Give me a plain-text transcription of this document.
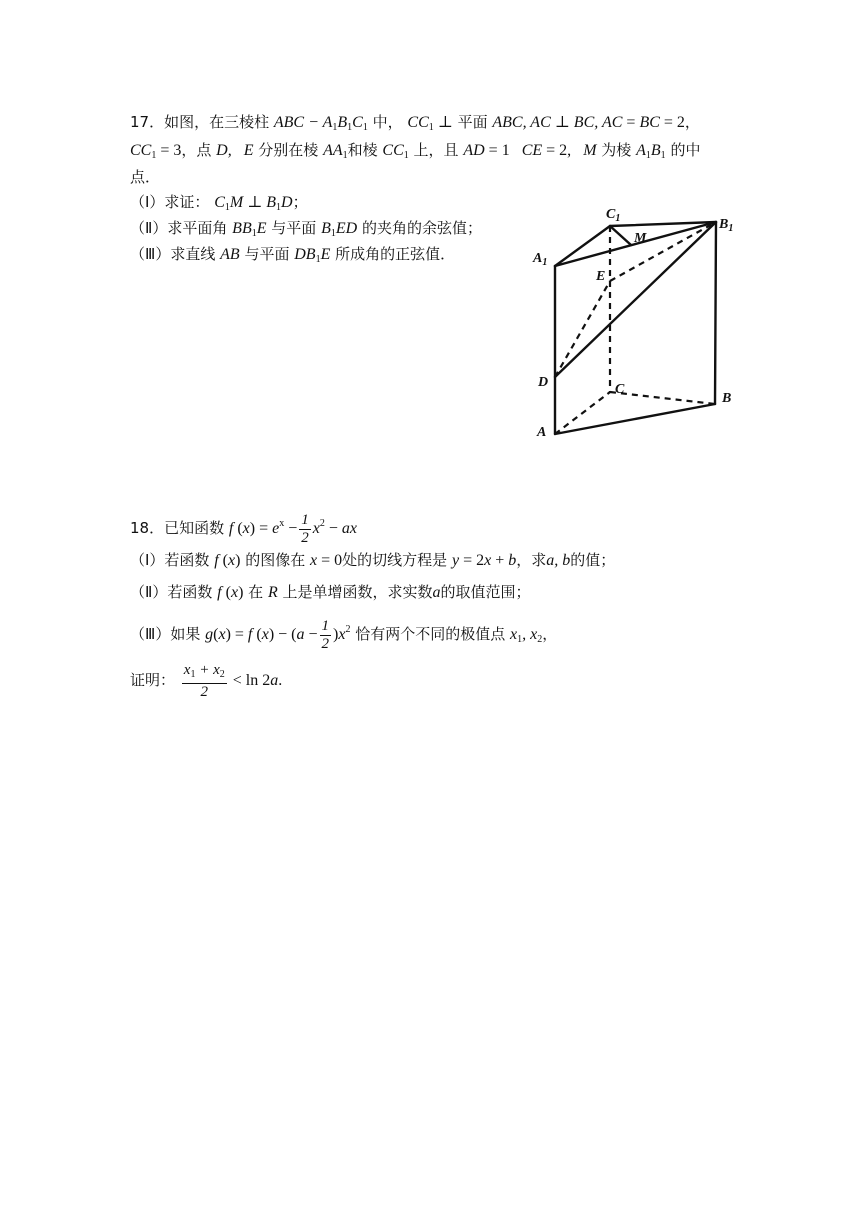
17．如图，在三棱柱 ABC − $A_1B_1C_1$ 中， $CC_1$ ⊥ 平面 ABC, AC ⊥ BC, AC = BC = 2，
$CC_1 = 3$，点 D,   E 分别在棱 $AA_1$和棱 $CC_1$ 上，且 AD = 1   CE = 2,   M 为棱 $A_1B_1$ 的中
点．
（Ⅰ）求证： $C_1M$ ⊥ $B_1D$；
（Ⅱ）求平面角 $BB_1E$ 与平面 $B_1ED$ 的夹角的余弦值；
（Ⅲ）求直线 AB 与平面 $DB_1E$ 所成角的正弦值．
$C_1$	$B_1$
$A_1$
M
E
D	C
B
A
18．已知函数 f $(x) = e^x - \frac{1}{2} x^2$ − ax
（Ⅰ）若函数 f (x) 的图像在 x = 0处的切线方程是 y = 2x + b，求a, b的值；
（Ⅱ）若函数 f (x) 在 R 上是单增函数，求实数a的取值范围；
（Ⅲ）如果 g(x) = f $(x) - (a - \frac{1}{2} )x^2$ 恰有两个不同的极值点 $x_1$, $x_2$，
证明： $\frac{x_1 + x_2}{2} < \ln 2a$.
